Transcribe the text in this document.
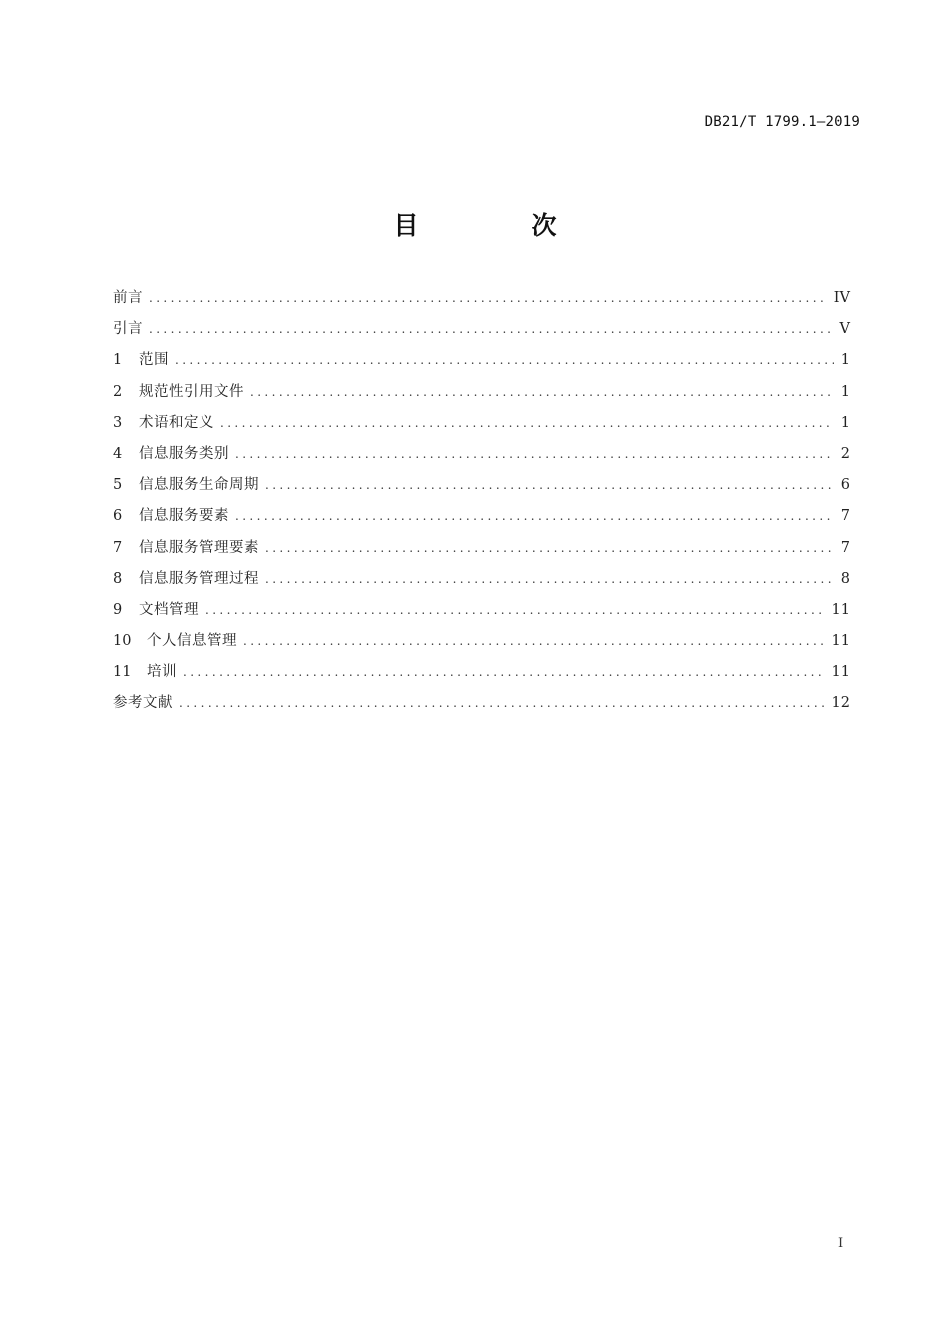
DB21/T 1799.1—2019
目　次
前言 .....	IV
引言 .....	V
1	范围 .....	1
2	规范性引用文件 .....	1
3	术语和定义 .....	1
4	信息服务类别 .....	2
5	信息服务生命周期 .....	6
6	信息服务要素 .....	7
7	信息服务管理要素 .....	7
8	信息服务管理过程 .....	8
9	文档管理 .....	11
10	个人信息管理 .....	11
11	培训 .....	11
参考文献 .....	12
I
